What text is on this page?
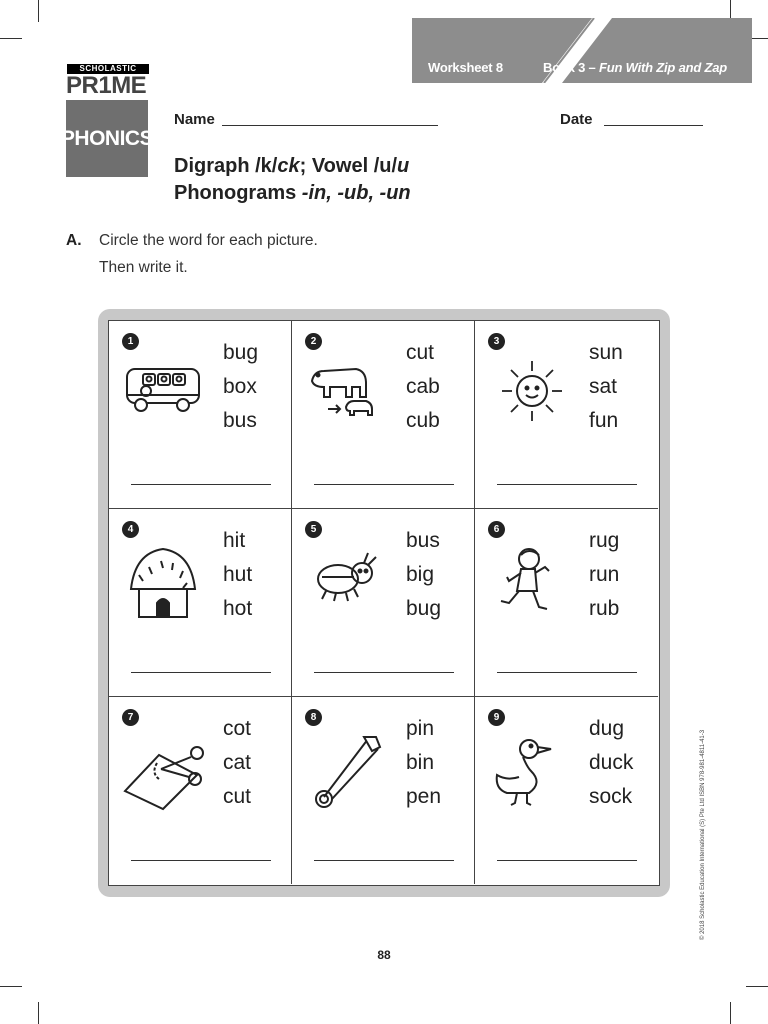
Worksheet 8	Book 3 – Fun With Zip and Zap
SCHOLASTIC
PR1ME
PHONICS
Name	Date
Digraph /k/ck; Vowel /u/u
Phonograms -in, -ub, -un
A. Circle the word for each picture.
Then write it.
1	bug
box
bus
2	cut
cab
cub
3	sun
sat
fun
4	hit
hut
hot
5	bus
big
bug
6	rug
run
rub
7	cot
cat
cut
8	pin
bin
pen
9	dug
duck
sock	© 2018 Scholastic Education International (S) Pte Ltd ISBN 978-981-4811-41-3
88
